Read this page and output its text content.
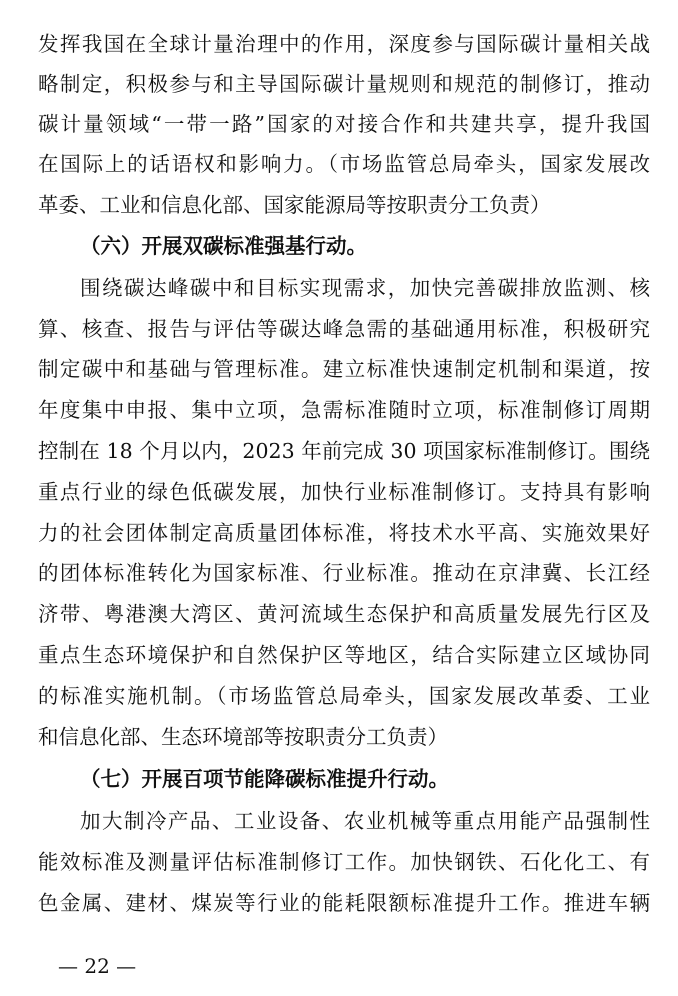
发挥我国在全球计量治理中的作用，深度参与国际碳计量相关战
略制定，积极参与和主导国际碳计量规则和规范的制修订，推动
碳计量领域“一带一路”国家的对接合作和共建共享，提升我国
在国际上的话语权和影响力。（市场监管总局牵头，国家发展改
革委、工业和信息化部、国家能源局等按职责分工负责）
（六）开展双碳标准强基行动。
围绕碳达峰碳中和目标实现需求，加快完善碳排放监测、核
算、核查、报告与评估等碳达峰急需的基础通用标准，积极研究
制定碳中和基础与管理标准。建立标准快速制定机制和渠道，按
年度集中申报、集中立项，急需标准随时立项，标准制修订周期
控制在 18 个月以内，2023 年前完成 30 项国家标准制修订。围绕
重点行业的绿色低碳发展，加快行业标准制修订。支持具有影响
力的社会团体制定高质量团体标准，将技术水平高、实施效果好
的团体标准转化为国家标准、行业标准。推动在京津冀、长江经
济带、粤港澳大湾区、黄河流域生态保护和高质量发展先行区及
重点生态环境保护和自然保护区等地区，结合实际建立区域协同
的标准实施机制。（市场监管总局牵头，国家发展改革委、工业
和信息化部、生态环境部等按职责分工负责）
（七）开展百项节能降碳标准提升行动。
加大制冷产品、工业设备、农业机械等重点用能产品强制性
能效标准及测量评估标准制修订工作。加快钢铁、石化化工、有
色金属、建材、煤炭等行业的能耗限额标准提升工作。推进车辆
— 22 —
